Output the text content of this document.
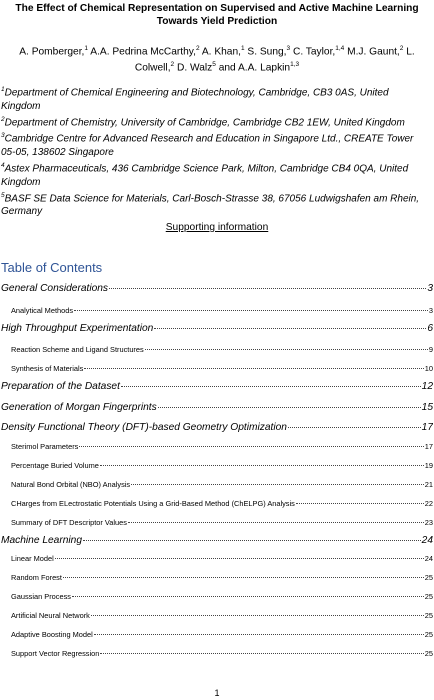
The Effect of Chemical Representation on Supervised and Active Machine Learning
Towards Yield Prediction
A. Pomberger,$^1$ A.A. Pedrina McCarthy,$^2$ A. Khan,$^1$ S. Sung,$^3$ C. Taylor,$^{1,4}$ M.J. Gaunt,$^2$ L. Colwell,$^2$ D. Walz$^5$ and A.A. Lapkin$^{1,3}$

$^1$Department of Chemical Engineering and Biotechnology, Cambridge, CB3 0AS, United Kingdom

$^2$Department of Chemistry, University of Cambridge, Cambridge CB2 1EW, United Kingdom

$^3$Cambridge Centre for Advanced Research and Education in Singapore Ltd., CREATE Tower 05-05, 138602 Singapore

$^4$Astex Pharmaceuticals, 436 Cambridge Science Park, Milton, Cambridge CB4 0QA, United Kingdom

$^5$BASF SE Data Science for Materials, Carl-Bosch-Strasse 38, 67056 Ludwigshafen am Rhein, Germany

Supporting information
Table of Contents
General Considerations	3
Analytical Methods	3
High Throughput Experimentation	6
Reaction Scheme and Ligand Structures	9
Synthesis of Materials	10
Preparation of the Dataset	12
Generation of Morgan Fingerprints	15
Density Functional Theory (DFT)-based Geometry Optimization	17
Sterimol Parameters	17
Percentage Buried Volume	19
Natural Bond Orbital (NBO) Analysis	21
CHarges from ELectrostatic Potentials Using a Grid-Based Method (ChELPG) Analysis	22
Summary of DFT Descriptor Values	23
Machine Learning	24
Linear Model	24
Random Forest	25
Gaussian Process	25
Artificial Neural Network	25
Adaptive Boosting Model	25
Support Vector Regression	25
1
